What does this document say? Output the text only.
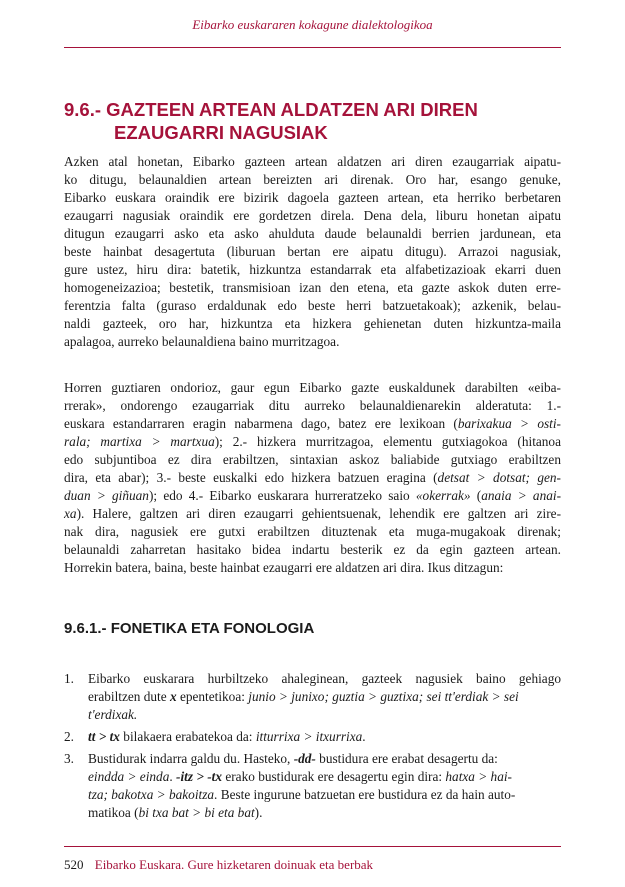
Eibarko euskararen kokagune dialektologikoa
9.6.- GAZTEEN ARTEAN ALDATZEN ARI DIREN
EZAUGARRI NAGUSIAK

Azken atal honetan, Eibarko gazteen artean aldatzen ari diren ezaugarriak aipatu-
ko ditugu, belaunaldien artean bereizten ari direnak. Oro har, esango genuke,
Eibarko euskara oraindik ere bizirik dagoela gazteen artean, eta herriko berbetaren
ezaugarri nagusiak oraindik ere gordetzen direla. Dena dela, liburu honetan aipatu
ditugun ezaugarri asko eta asko ahulduta daude belaunaldi berrien jardunean, eta
beste hainbat desagertuta (liburuan bertan ere aipatu ditugu). Arrazoi nagusiak,
gure ustez, hiru dira: batetik, hizkuntza estandarrak eta alfabetizazioak ekarri duen
homogeneizazioa; bestetik, transmisioan izan den etena, eta gazte askok duten erre-
ferentzia falta (guraso erdaldunak edo beste herri batzuetakoak); azkenik, belau-
naldi gazteek, oro har, hizkuntza eta hizkera gehienetan duten hizkuntza-maila
apalagoa, aurreko belaunaldiena baino murritzagoa.

Horren guztiaren ondorioz, gaur egun Eibarko gazte euskaldunek darabilten «eiba-
rrerak», ondorengo ezaugarriak ditu aurreko belaunaldienarekin alderatuta: 1.-
euskara estandarraren eragin nabarmena dago, batez ere lexikoan (barixakua > osti-
rala; martixa > martxua); 2.- hizkera murritzagoa, elementu gutxiagokoa (hitanoa
edo subjuntiboa ez dira erabiltzen, sintaxian askoz baliabide gutxiago erabiltzen
dira, eta abar); 3.- beste euskalki edo hizkera batzuen eragina (detsat > dotsat; gen-
duan > giñuan); edo 4.- Eibarko euskarara hurreratzeko saio «okerrak» (anaia > anai-
xa). Halere, galtzen ari diren ezaugarri gehientsuenak, lehendik ere galtzen ari zire-
nak dira, nagusiek ere gutxi erabiltzen dituztenak eta muga-mugakoak direnak;
belaunaldi zaharretan hasitako bidea indartu besterik ez da egin gazteen artean.
Horrekin batera, baina, beste hainbat ezaugarri ere aldatzen ari dira. Ikus ditzagun:

9.6.1.- FONETIKA ETA FONOLOGIA
1. Eibarko euskarara hurbiltzeko ahaleginean, gazteek nagusiek baino gehiago
erabiltzen dute x epentetikoa: junio > junixo; guztia > guztixa; sei tt'erdiak > sei
t'erdixak.
2. tt > tx bilakaera erabatekoa da: itturrixa > itxurrixa.
3. Bustidurak indarra galdu du. Hasteko, -dd- bustidura ere erabat desagertu da:
eindda > einda. -itz > -tx erako bustidurak ere desagertu egin dira: hatxa > hai-
tza; bakotxa > bakoitza. Beste ingurune batzuetan ere bustidura ez da hain auto-
matikoa (bi txa bat > bi eta bat).
520 Eibarko Euskara. Gure hizketaren doinuak eta berbak
